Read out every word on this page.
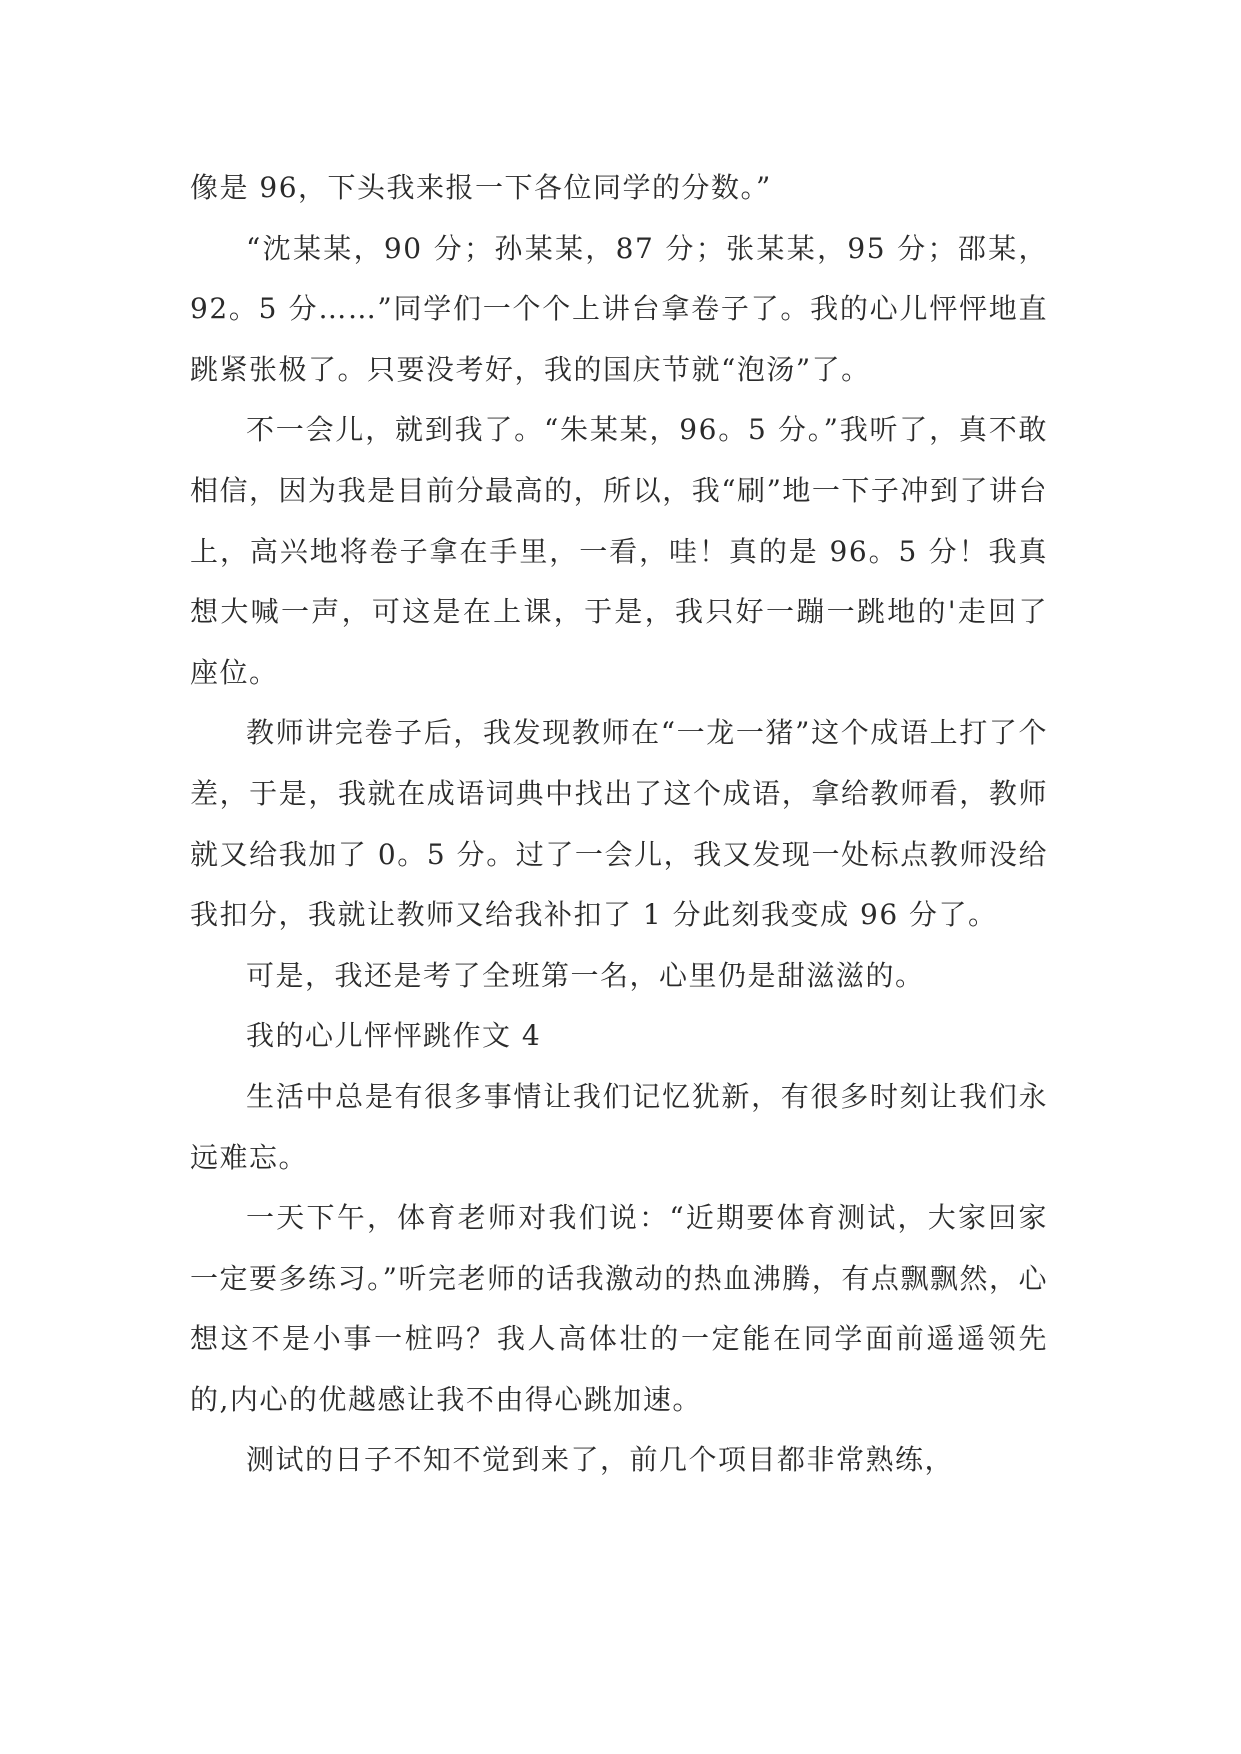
像是 96，下头我来报一下各位同学的分数。”

“沈某某，90 分；孙某某，87 分；张某某，95 分；邵某，92。5 分……”同学们一个个上讲台拿卷子了。我的心儿怦怦地直跳紧张极了。只要没考好，我的国庆节就“泡汤”了。

不一会儿，就到我了。“朱某某，96。5 分。”我听了，真不敢相信，因为我是目前分最高的，所以，我“刷”地一下子冲到了讲台上，高兴地将卷子拿在手里，一看，哇！真的是 96。5 分！我真想大喊一声，可这是在上课，于是，我只好一蹦一跳地的'走回了座位。

教师讲完卷子后，我发现教师在“一龙一猪”这个成语上打了个差，于是，我就在成语词典中找出了这个成语，拿给教师看，教师就又给我加了 0。5 分。过了一会儿，我又发现一处标点教师没给我扣分，我就让教师又给我补扣了 1 分此刻我变成 96 分了。

可是，我还是考了全班第一名，心里仍是甜滋滋的。

我的心儿怦怦跳作文 4

生活中总是有很多事情让我们记忆犹新，有很多时刻让我们永远难忘。

一天下午，体育老师对我们说：“近期要体育测试，大家回家一定要多练习。”听完老师的话我激动的热血沸腾，有点飘飘然，心想这不是小事一桩吗？我人高体壮的一定能在同学面前遥遥领先的,内心的优越感让我不由得心跳加速。

测试的日子不知不觉到来了，前几个项目都非常熟练，
